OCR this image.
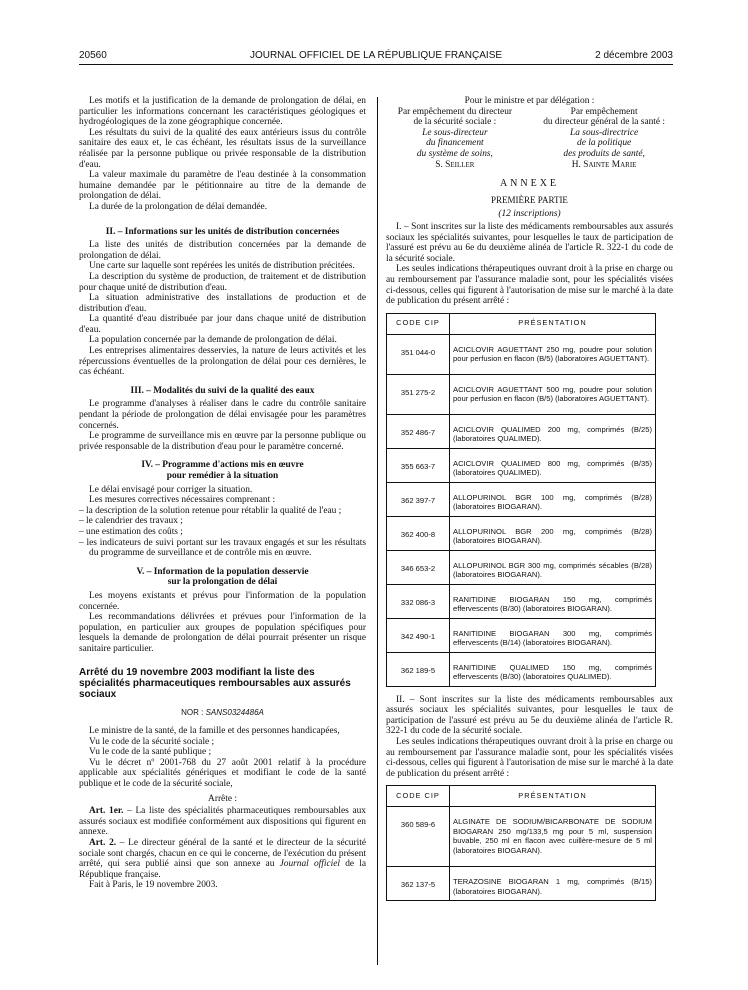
20560	JOURNAL OFFICIEL DE LA RÉPUBLIQUE FRANÇAISE	2 décembre 2003

Les motifs et la justification de la demande de prolongation de délai, en particulier les informations concernant les caractéristiques géologiques et hydrogéologiques de la zone géographique concernée.

Les résultats du suivi de la qualité des eaux antérieurs issus du contrôle sanitaire des eaux et, le cas échéant, les résultats issus de la surveillance réalisée par la personne publique ou privée responsable de la distribution d'eau.

La valeur maximale du paramètre de l'eau destinée à la consommation humaine demandée par le pétitionnaire au titre de la demande de prolongation de délai.

La durée de la prolongation de délai demandée.

II. – Informations sur les unités de distribution concernées

La liste des unités de distribution concernées par la demande de prolongation de délai.

Une carte sur laquelle sont repérées les unités de distribution précitées.

La description du système de production, de traitement et de distribution pour chaque unité de distribution d'eau.

La situation administrative des installations de production et de distribution d'eau.

La quantité d'eau distribuée par jour dans chaque unité de distribution d'eau.

La population concernée par la demande de prolongation de délai.

Les entreprises alimentaires desservies, la nature de leurs activités et les répercussions éventuelles de la prolongation de délai pour ces dernières, le cas échéant.

III. – Modalités du suivi de la qualité des eaux

Le programme d'analyses à réaliser dans le cadre du contrôle sanitaire pendant la période de prolongation de délai envisagée pour les paramètres concernés.

Le programme de surveillance mis en œuvre par la personne publique ou privée responsable de la distribution d'eau pour le paramètre concerné.

IV. – Programme d'actions mis en œuvre
pour remédier à la situation

Le délai envisagé pour corriger la situation.

Les mesures correctives nécessaires comprenant :

– la description de la solution retenue pour rétablir la qualité de l'eau ;
– le calendrier des travaux ;
– une estimation des coûts ;
– les indicateurs de suivi portant sur les travaux engagés et sur les résultats du programme de surveillance et de contrôle mis en œuvre.

V. – Information de la population desservie
sur la prolongation de délai

Les moyens existants et prévus pour l'information de la population concernée.

Les recommandations délivrées et prévues pour l'information de la population, en particulier aux groupes de population spécifiques pour lesquels la demande de prolongation de délai pourrait présenter un risque sanitaire particulier.

Arrêté du 19 novembre 2003 modifiant la liste des spécialités pharmaceutiques remboursables aux assurés sociaux

NOR : SANS0324486A

Le ministre de la santé, de la famille et des personnes handicapées,

Vu le code de la sécurité sociale ;

Vu le code de la santé publique ;

Vu le décret nº 2001-768 du 27 août 2001 relatif à la procédure applicable aux spécialités génériques et modifiant le code de la santé publique et le code de la sécurité sociale,

Arrête :

Art. 1er. – La liste des spécialités pharmaceutiques remboursables aux assurés sociaux est modifiée conformément aux dispositions qui figurent en annexe.

Art. 2. – Le directeur général de la santé et le directeur de la sécurité sociale sont chargés, chacun en ce qui le concerne, de l'exécution du présent arrêté, qui sera publié ainsi que son annexe au Journal officiel de la République française.

Fait à Paris, le 19 novembre 2003.

Pour le ministre et par délégation :

Par empêchement du directeur
de la sécurité sociale :
Le sous-directeur
du financement
du système de soins,
S. Seiller
Par empêchement
du directeur général de la santé :
La sous-directrice
de la politique
des produits de santé,
H. Sainte Marie

ANNEXE

PREMIÈRE PARTIE

(12 inscriptions)

I. – Sont inscrites sur la liste des médicaments remboursables aux assurés sociaux les spécialités suivantes, pour lesquelles le taux de participation de l'assuré est prévu au 6e du deuxième alinéa de l'article R. 322-1 du code de la sécurité sociale.

Les seules indications thérapeutiques ouvrant droit à la prise en charge ou au remboursement par l'assurance maladie sont, pour les spécialités visées ci-dessous, celles qui figurent à l'autorisation de mise sur le marché à la date de publication du présent arrêté :

CODE CIP	PRÉSENTATION
351 044-0	ACICLOVIR AGUETTANT 250 mg, poudre pour solution pour perfusion en flacon (B/5) (laboratoires AGUETTANT).
351 275-2	ACICLOVIR AGUETTANT 500 mg, poudre pour solution pour perfusion en flacon (B/5) (laboratoires AGUETTANT).
352 486-7	ACICLOVIR QUALIMED 200 mg, comprimés (B/25) (laboratoires QUALIMED).
355 663-7	ACICLOVIR QUALIMED 800 mg, comprimés (B/35) (laboratoires QUALIMED).
362 397-7	ALLOPURINOL BGR 100 mg, comprimés (B/28) (laboratoires BIOGARAN).
362 400-8	ALLOPURINOL BGR 200 mg, comprimés (B/28) (laboratoires BIOGARAN).
346 653-2	ALLOPURINOL BGR 300 mg, comprimés sécables (B/28) (laboratoires BIOGARAN).
332 086-3	RANITIDINE BIOGARAN 150 mg, comprimés effervescents (B/30) (laboratoires BIOGARAN).
342 490-1	RANITIDINE BIOGARAN 300 mg, comprimés effervescents (B/14) (laboratoires BIOGARAN).
362 189-5	RANITIDINE QUALIMED 150 mg, comprimés effervescents (B/30) (laboratoires QUALIMED).

II. – Sont inscrites sur la liste des médicaments remboursables aux assurés sociaux les spécialités suivantes, pour lesquelles le taux de participation de l'assuré est prévu au 5e du deuxième alinéa de l'article R. 322-1 du code de la sécurité sociale.

Les seules indications thérapeutiques ouvrant droit à la prise en charge ou au remboursement par l'assurance maladie sont, pour les spécialités visées ci-dessous, celles qui figurent à l'autorisation de mise sur le marché à la date de publication du présent arrêté :

CODE CIP	PRÉSENTATION
360 589-6	ALGINATE DE SODIUM/BICARBONATE DE SODIUM BIOGARAN 250 mg/133,5 mg pour 5 ml, suspension buvable, 250 ml en flacon avec cuillère-mesure de 5 ml (laboratoires BIOGARAN).
362 137-5	TERAZOSINE BIOGARAN 1 mg, comprimés (B/15) (laboratoires BIOGARAN).
